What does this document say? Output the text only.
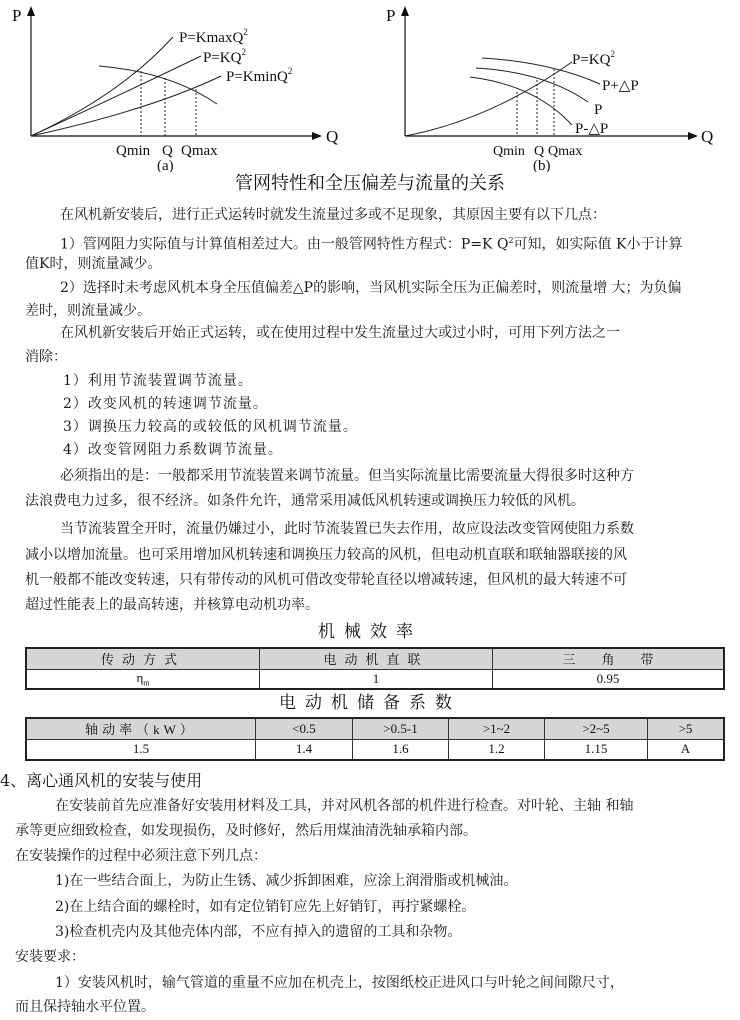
P
Q
P=KmaxQ$^2$
$P=KQ^2$
P=KminQ$^2$
Qmin Q Qmax
(a)
P
Q
$P=KQ^2$
P+△P
P
P-△P
Qmin Q Qmax
(b)
管网特性和全压偏差与流量的关系
在风机新安装后，进行正式运转时就发生流量过多或不足现象，其原因主要有以下几点：
1）管网阻力实际值与计算值相差过大。由一般管网特性方程式：P=K $Q^2$可知，如实际值 K小于计算
值K时，则流量减少。
2）选择时未考虑风机本身全压值偏差△P的影响，当风机实际全压为正偏差时，则流量增 大；为负偏
差时，则流量减少。
在风机新安装后开始正式运转，或在使用过程中发生流量过大或过小时，可用下列方法之一
消除：
1）利用节流装置调节流量。
2）改变风机的转速调节流量。
3）调换压力较高的或较低的风机调节流量。
4）改变管网阻力系数调节流量。
必须指出的是：一般都采用节流装置来调节流量。但当实际流量比需要流量大得很多时这种方
法浪费电力过多，很不经济。如条件允许，通常采用减低风机转速或调换压力较低的风机。
当节流装置全开时，流量仍嫌过小，此时节流装置已失去作用，故应设法改变管网使阻力系数
减小以增加流量。也可采用增加风机转速和调换压力较高的风机，但电动机直联和联轴器联接的风
机一般都不能改变转速，只有带传动的风机可借改变带轮直径以增减转速，但风机的最大转速不可
超过性能表上的最高转速，并核算电动机功率。
机械效率
传动方式	电动机直联	三　　角　　带
$\eta_m$	1	0.95
电动机储备系数
轴动率（kW）	<0.5	>0.5-1	>1~2	>2~5	>5
1.5	1.4	1.6	1.2	1.15	A
4、离心通风机的安装与使用
在安装前首先应准备好安装用材料及工具，并对风机各部的机件进行检查。对叶轮、主轴 和轴
承等更应细致检查，如发现损伤，及时修好，然后用煤油清洗轴承箱内部。
在安装操作的过程中必须注意下列几点：
1)在一些结合面上，为防止生锈、减少拆卸困难，应涂上润滑脂或机械油。
2)在上结合面的螺栓时，如有定位销钉应先上好销钉，再拧紧螺栓。
3)检查机壳内及其他壳体内部，不应有掉入的遗留的工具和杂物。
安装要求：
1）安装风机时，输气管道的重量不应加在机壳上，按图纸校正进风口与叶轮之间间隙尺寸，
而且保持轴水平位置。
